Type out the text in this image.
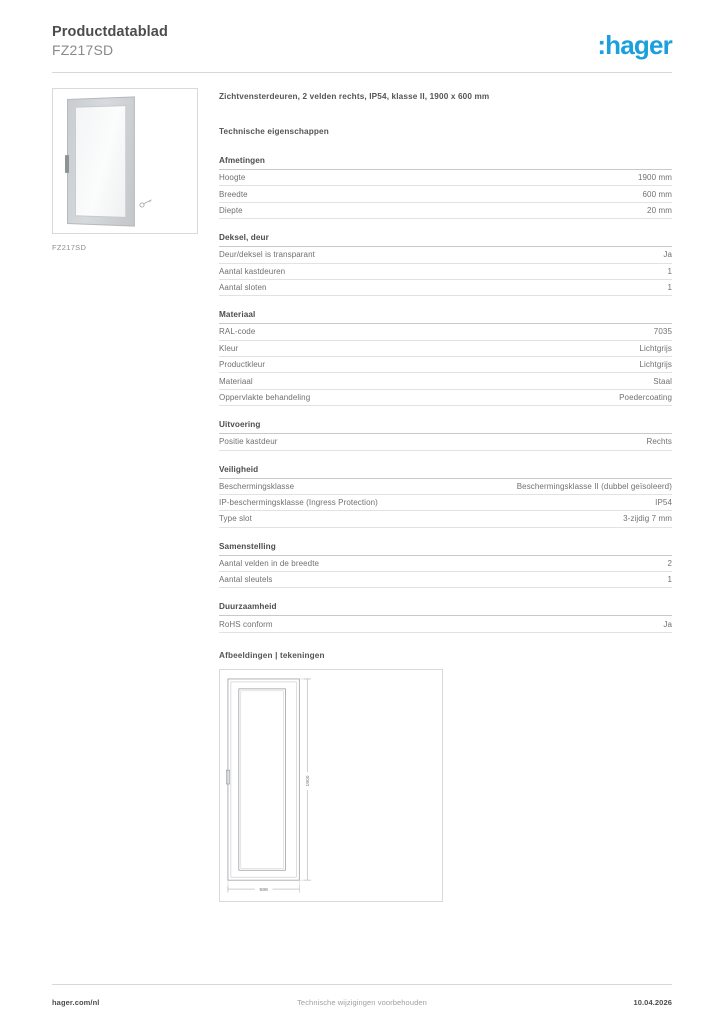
Productdatablad
FZ217SD	:hager
FZ217SD
Zichtvensterdeuren, 2 velden rechts, IP54, klasse II, 1900 x 600 mm
Technische eigenschappen
Afmetingen
Hoogte	1900 mm
Breedte	600 mm
Diepte	20 mm
Deksel, deur
Deur/deksel is transparant	Ja
Aantal kastdeuren	1
Aantal sloten	1
Materiaal
RAL-code	7035
Kleur	Lichtgrijs
Productkleur	Lichtgrijs
Materiaal	Staal
Oppervlakte behandeling	Poedercoating
Uitvoering
Positie kastdeur	Rechts
Veiligheid
Beschermingsklasse	Beschermingsklasse II (dubbel geïsoleerd)
IP-beschermingsklasse (Ingress Protection)	IP54
Type slot	3-zijdig 7 mm
Samenstelling
Aantal velden in de breedte	2
Aantal sleutels	1
Duurzaamheid
RoHS conform	Ja
Afbeeldingen | tekeningen
1900
598
hager.com/nl	Technische wijzigingen voorbehouden	10.04.2026
